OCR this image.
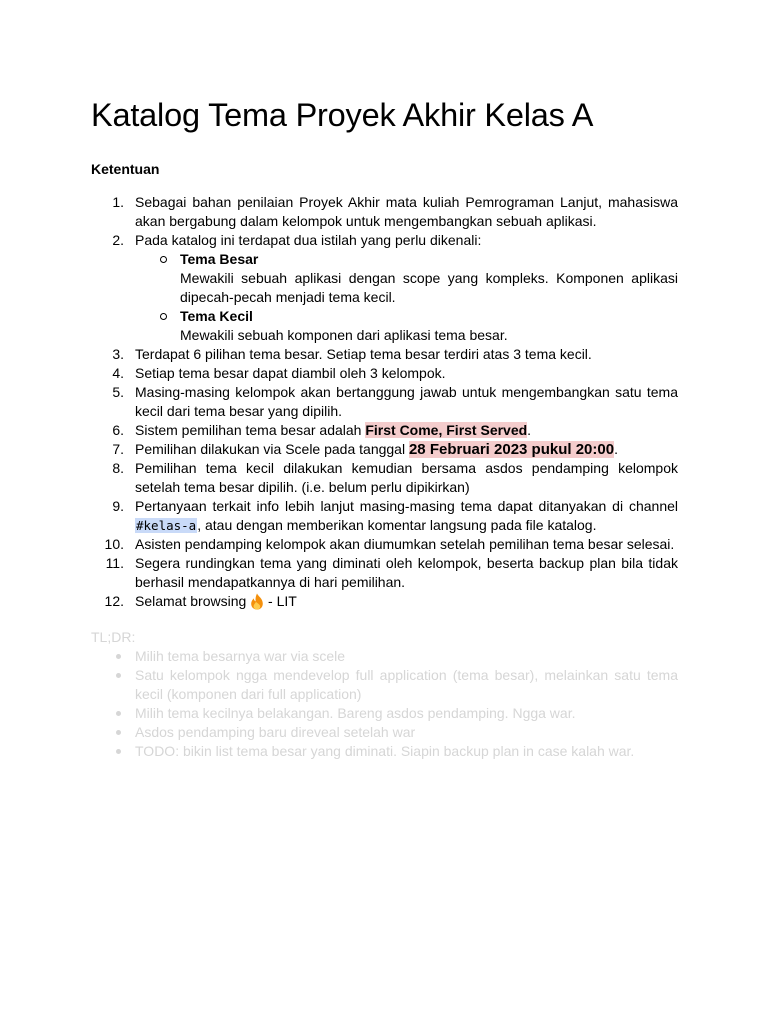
Katalog Tema Proyek Akhir Kelas A
Ketentuan
1. Sebagai bahan penilaian Proyek Akhir mata kuliah Pemrograman Lanjut, mahasiswa akan bergabung dalam kelompok untuk mengembangkan sebuah aplikasi.
2. Pada katalog ini terdapat dua istilah yang perlu dikenali:
Tema Besar
Mewakili sebuah aplikasi dengan scope yang kompleks. Komponen aplikasi dipecah-pecah menjadi tema kecil.
Tema Kecil
Mewakili sebuah komponen dari aplikasi tema besar.
3. Terdapat 6 pilihan tema besar. Setiap tema besar terdiri atas 3 tema kecil.
4. Setiap tema besar dapat diambil oleh 3 kelompok.
5. Masing-masing kelompok akan bertanggung jawab untuk mengembangkan satu tema kecil dari tema besar yang dipilih.
6. Sistem pemilihan tema besar adalah First Come, First Served.
7. Pemilihan dilakukan via Scele pada tanggal 28 Februari 2023 pukul 20:00.
8. Pemilihan tema kecil dilakukan kemudian bersama asdos pendamping kelompok setelah tema besar dipilih. (i.e. belum perlu dipikirkan)
9. Pertanyaan terkait info lebih lanjut masing-masing tema dapat ditanyakan di channel #kelas-a, atau dengan memberikan komentar langsung pada file katalog.
10. Asisten pendamping kelompok akan diumumkan setelah pemilihan tema besar selesai.
11. Segera rundingkan tema yang diminati oleh kelompok, beserta backup plan bila tidak berhasil mendapatkannya di hari pemilihan.
12. Selamat browsing  - LIT
TL;DR:
Milih tema besarnya war via scele
Satu kelompok ngga mendevelop full application (tema besar), melainkan satu tema kecil (komponen dari full application)
Milih tema kecilnya belakangan. Bareng asdos pendamping. Ngga war.
Asdos pendamping baru direveal setelah war
TODO: bikin list tema besar yang diminati. Siapin backup plan in case kalah war.
